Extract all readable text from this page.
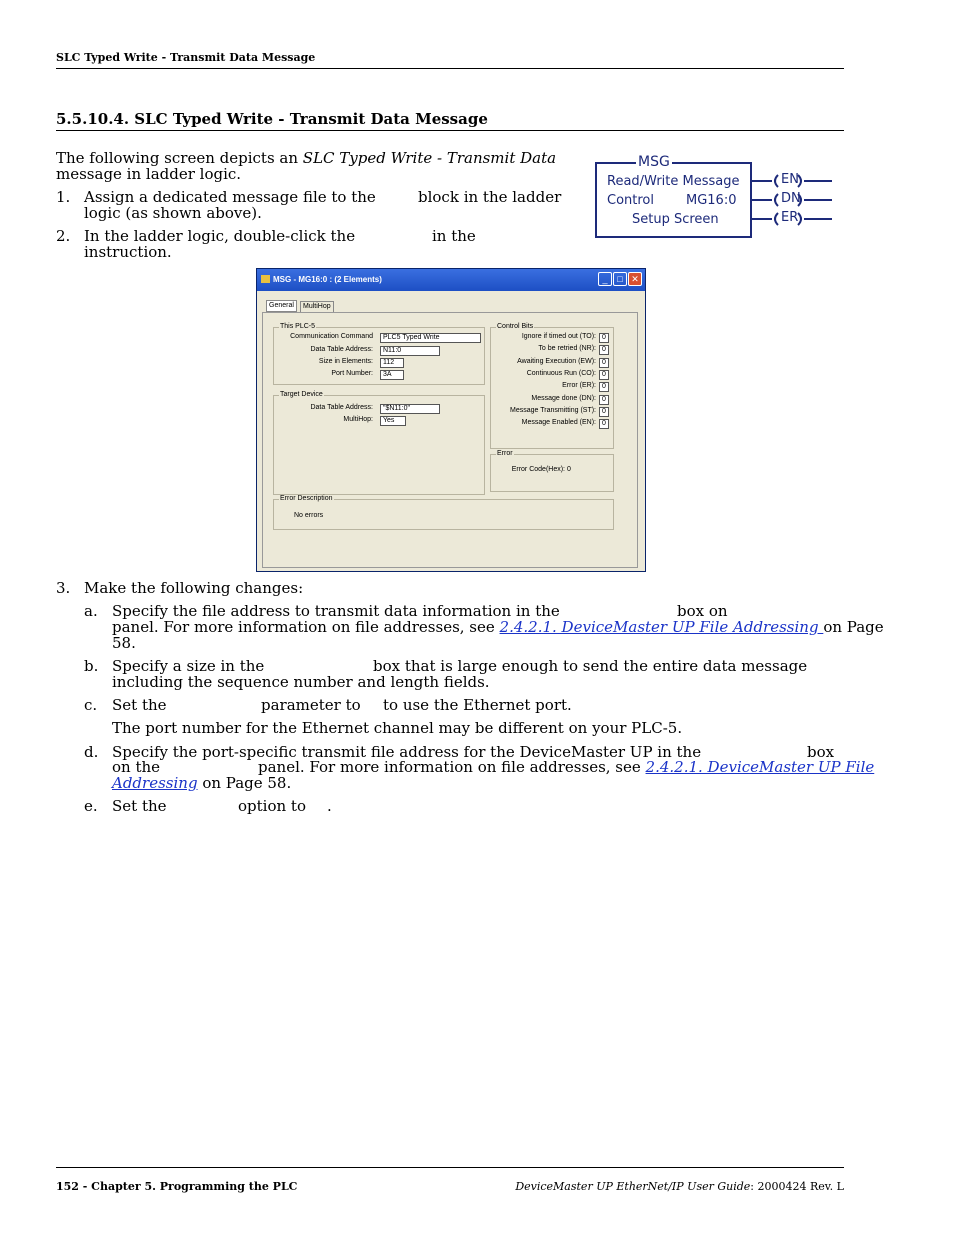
SLC Typed Write - Transmit Data Message
5.5.10.4. SLC Typed Write - Transmit Data Message
The following screen depicts an SLC Typed Write - Transmit Data
message in ladder logic.
1. Assign a dedicated message file to the	block in the ladder
logic (as shown above).
2. In the ladder logic, double-click the	in the
instruction.
MSG
Read/Write Message
Control MG16:0
Setup Screen
EN
DN
ER
MSG - MG16:0 : (2 Elements)	_	□ ✕
General	MultiHop
This PLC-5
Communication Command	PLC5 Typed Write
Data Table Address:	N11:0
Size in Elements:	112
Port Number:	3A
Target Device
Data Table Address:	"$N11:0"
MultiHop:	Yes
Control Bits
Ignore if timed out (TO): 0
To be retried (NR): 0
Awaiting Execution (EW): 0
Continuous Run (CO): 0
Error (ER): 0
Message done (DN): 0
Message Transmitting (ST): 0
Message Enabled (EN): 0
Error
Error Code(Hex): 0
Error Description
No errors
3. Make the following changes:
a. Specify the file address to transmit data information in the	box on
panel. For more information on file addresses, see 2.4.2.1. DeviceMaster UP File Addressing on Page
58.
b. Specify a size in the	box that is large enough to send the entire data message
including the sequence number and length fields.
c. Set the	parameter to to use the Ethernet port.
The port number for the Ethernet channel may be different on your PLC-5.
d. Specify the port-specific transmit file address for the DeviceMaster UP in the	box
on the	panel. For more information on file addresses, see 2.4.2.1. DeviceMaster UP File
Addressing on Page 58.
e. Set the	option to .
152 - Chapter 5. Programming the PLC	DeviceMaster UP EtherNet/IP User Guide: 2000424 Rev. L
